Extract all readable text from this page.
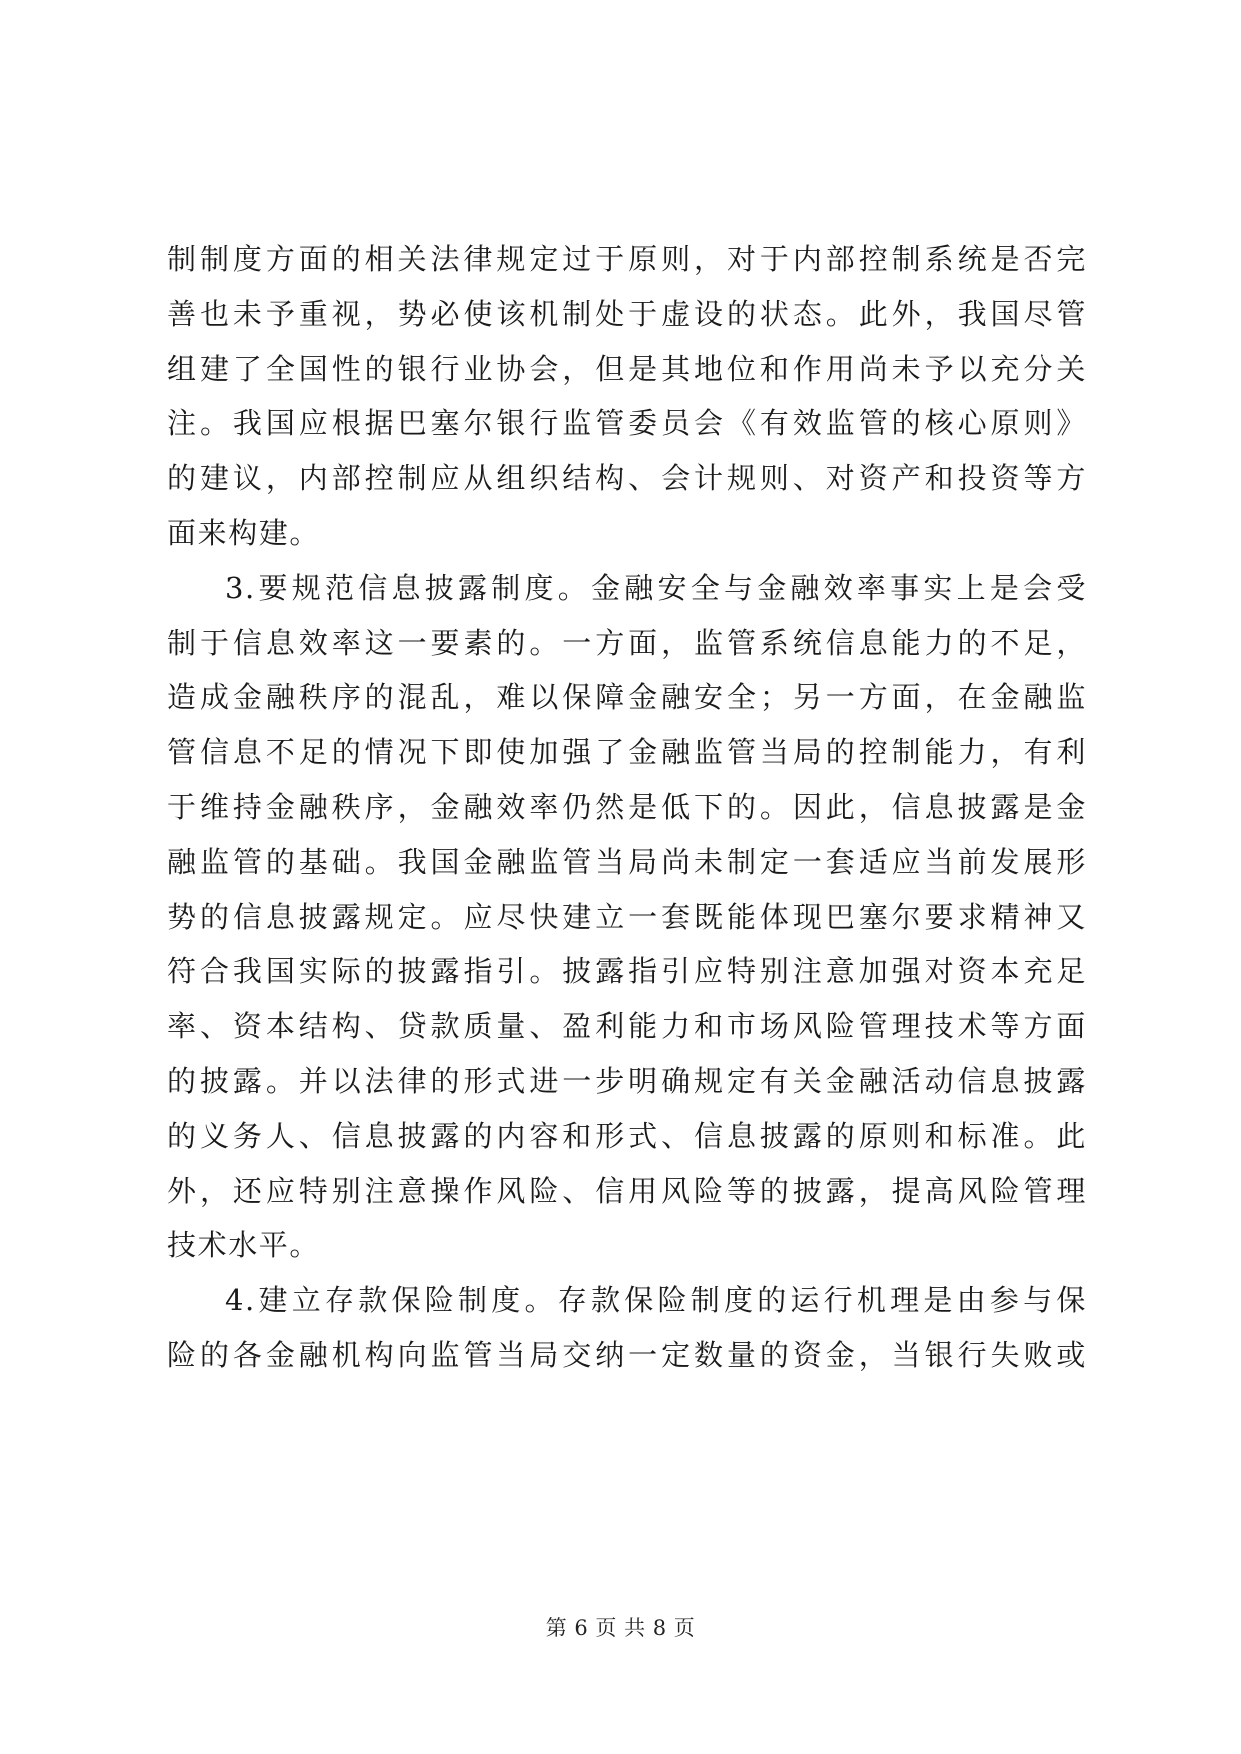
制制度方面的相关法律规定过于原则，对于内部控制系统是否完
善也未予重视，势必使该机制处于虚设的状态。此外，我国尽管
组建了全国性的银行业协会，但是其地位和作用尚未予以充分关
注。我国应根据巴塞尔银行监管委员会《有效监管的核心原则》
的建议，内部控制应从组织结构、会计规则、对资产和投资等方
面来构建。
3.要规范信息披露制度。金融安全与金融效率事实上是会受
制于信息效率这一要素的。一方面，监管系统信息能力的不足，
造成金融秩序的混乱，难以保障金融安全；另一方面，在金融监
管信息不足的情况下即使加强了金融监管当局的控制能力，有利
于维持金融秩序，金融效率仍然是低下的。因此，信息披露是金
融监管的基础。我国金融监管当局尚未制定一套适应当前发展形
势的信息披露规定。应尽快建立一套既能体现巴塞尔要求精神又
符合我国实际的披露指引。披露指引应特别注意加强对资本充足
率、资本结构、贷款质量、盈利能力和市场风险管理技术等方面
的披露。并以法律的形式进一步明确规定有关金融活动信息披露
的义务人、信息披露的内容和形式、信息披露的原则和标准。此
外，还应特别注意操作风险、信用风险等的披露，提高风险管理
技术水平。
4.建立存款保险制度。存款保险制度的运行机理是由参与保
险的各金融机构向监管当局交纳一定数量的资金，当银行失败或
第 6 页 共 8 页
